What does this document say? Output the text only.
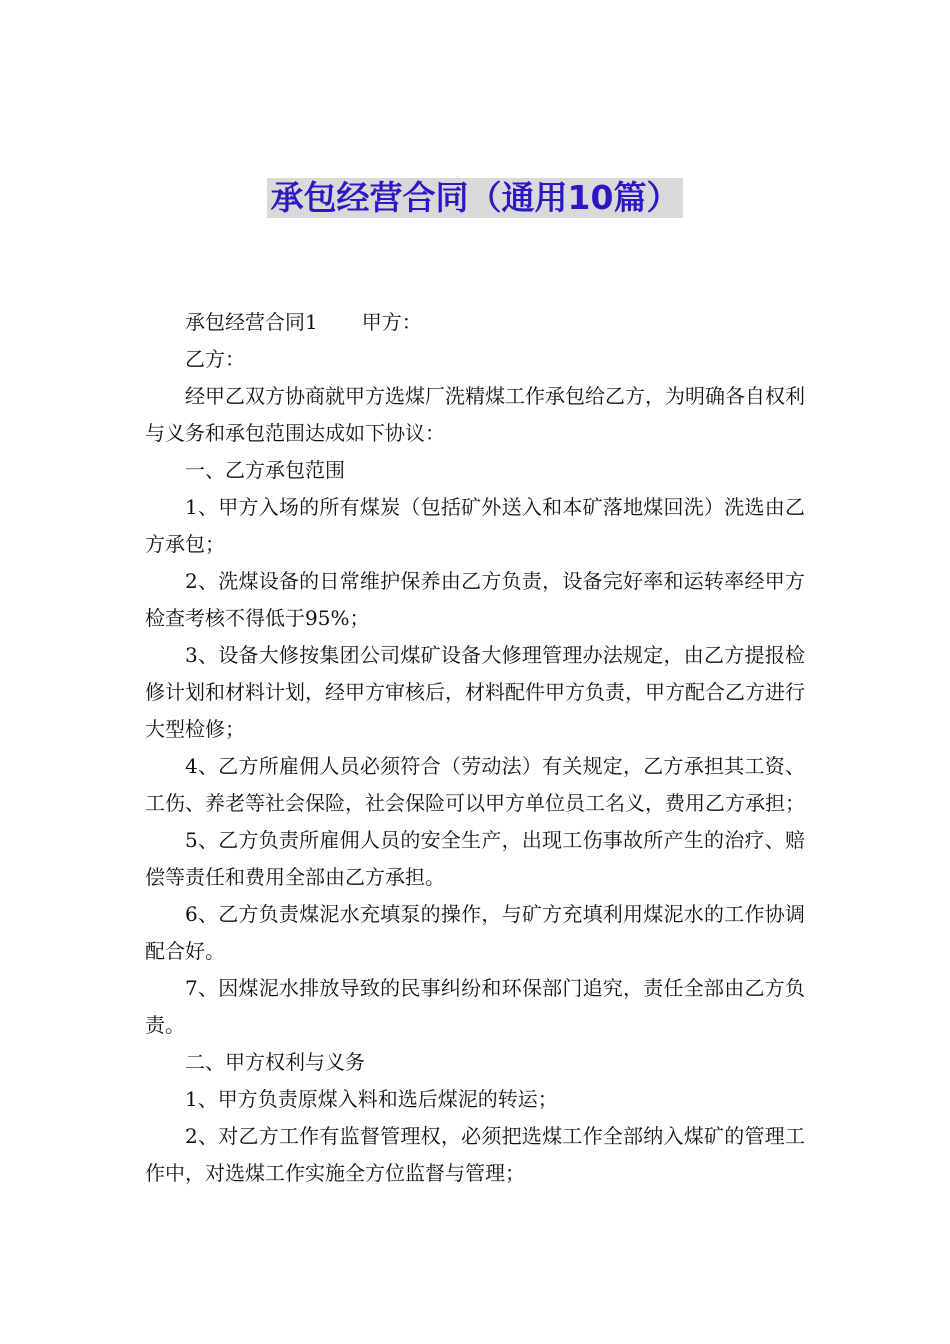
承包经营合同（通用10篇）

承包经营合同1 甲方：

乙方：

经甲乙双方协商就甲方选煤厂洗精煤工作承包给乙方，为明确各自权利与义务和承包范围达成如下协议：

一、乙方承包范围

1、甲方入场的所有煤炭（包括矿外送入和本矿落地煤回洗）洗选由乙方承包；

2、洗煤设备的日常维护保养由乙方负责，设备完好率和运转率经甲方检查考核不得低于95%；

3、设备大修按集团公司煤矿设备大修理管理办法规定，由乙方提报检修计划和材料计划，经甲方审核后，材料配件甲方负责，甲方配合乙方进行大型检修；

4、乙方所雇佣人员必须符合（劳动法）有关规定，乙方承担其工资、工伤、养老等社会保险，社会保险可以甲方单位员工名义，费用乙方承担；

5、乙方负责所雇佣人员的安全生产，出现工伤事故所产生的治疗、赔偿等责任和费用全部由乙方承担。

6、乙方负责煤泥水充填泵的操作，与矿方充填利用煤泥水的工作协调配合好。

7、因煤泥水排放导致的民事纠纷和环保部门追究，责任全部由乙方负责。

二、甲方权利与义务

1、甲方负责原煤入料和选后煤泥的转运；

2、对乙方工作有监督管理权，必须把选煤工作全部纳入煤矿的管理工作中，对选煤工作实施全方位监督与管理；
